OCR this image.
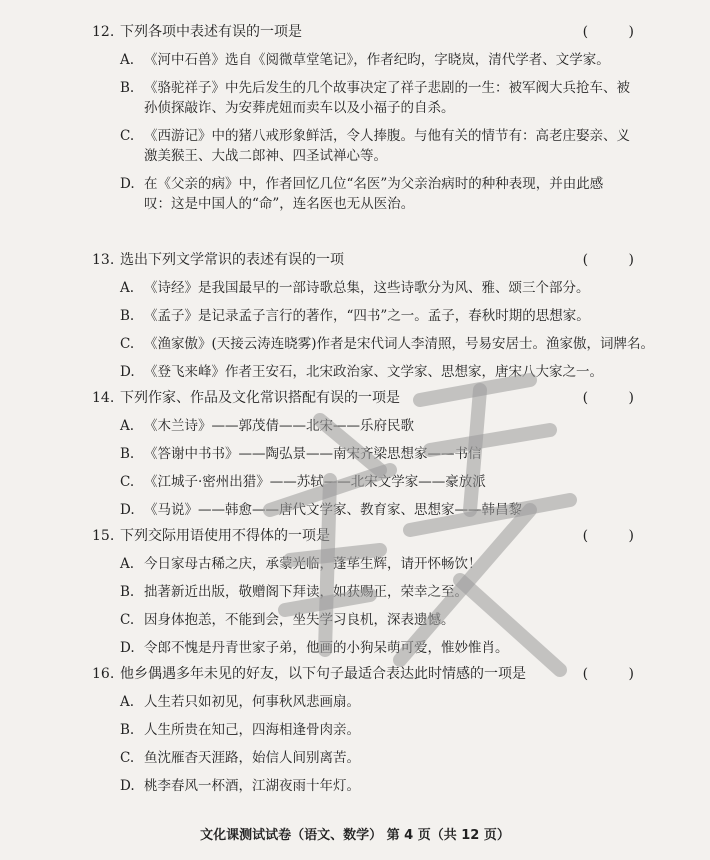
12. 下列各项中表述有误的一项是	( )
A. 《河中石兽》选自《阅微草堂笔记》，作者纪昀，字晓岚，清代学者、文学家。
B. 《骆驼祥子》中先后发生的几个故事决定了祥子悲剧的一生：被军阀大兵抢车、被
孙侦探敲诈、为安葬虎妞而卖车以及小福子的自杀。
C. 《西游记》中的猪八戒形象鲜活，令人捧腹。与他有关的情节有：高老庄娶亲、义
激美猴王、大战二郎神、四圣试禅心等。
D. 在《父亲的病》中，作者回忆几位“名医”为父亲治病时的种种表现，并由此感
叹：这是中国人的“命”，连名医也无从医治。
13. 选出下列文学常识的表述有误的一项	( )
A. 《诗经》是我国最早的一部诗歌总集，这些诗歌分为风、雅、颂三个部分。
B. 《孟子》是记录孟子言行的著作，“四书”之一。孟子，春秋时期的思想家。
C. 《渔家傲》(天接云涛连晓雾)作者是宋代词人李清照，号易安居士。渔家傲，词牌名。
D. 《登飞来峰》作者王安石，北宋政治家、文学家、思想家，唐宋八大家之一。
14. 下列作家、作品及文化常识搭配有误的一项是	( )
A. 《木兰诗》——郭茂倩——北宋——乐府民歌
B. 《答谢中书书》——陶弘景——南宋齐梁思想家——书信
C. 《江城子·密州出猎》——苏轼——北宋文学家——豪放派
D. 《马说》——韩愈——唐代文学家、教育家、思想家——韩昌黎
15. 下列交际用语使用不得体的一项是	( )
A. 今日家母古稀之庆，承蒙光临，蓬荜生辉，请开怀畅饮！
B. 拙著新近出版，敬赠阁下拜读，如获赐正，荣幸之至。
C. 因身体抱恙，不能到会，坐失学习良机，深表遗憾。
D. 令郎不愧是丹青世家子弟，他画的小狗呆萌可爱，惟妙惟肖。
16. 他乡偶遇多年未见的好友，以下句子最适合表达此时情感的一项是	( )
A. 人生若只如初见，何事秋风悲画扇。
B. 人生所贵在知己，四海相逢骨肉亲。
C. 鱼沈雁杳天涯路，始信人间别离苦。
D. 桃李春风一杯酒，江湖夜雨十年灯。
文化课测试试卷（语文、数学） 第 4 页（共 12 页）
